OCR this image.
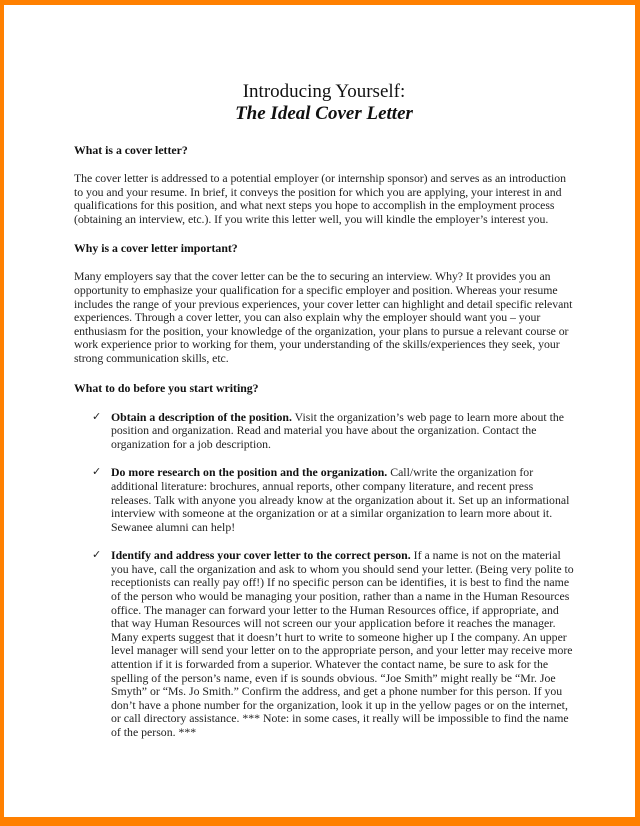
Introducing Yourself:
The Ideal Cover Letter
What is a cover letter?

The cover letter is addressed to a potential employer (or internship sponsor) and serves as an introduction to you and your resume. In brief, it conveys the position for which you are applying, your interest in and qualifications for this position, and what next steps you hope to accomplish in the employment process (obtaining an interview, etc.). If you write this letter well, you will kindle the employer’s interest you.

Why is a cover letter important?

Many employers say that the cover letter can be the to securing an interview. Why? It provides you an opportunity to emphasize your qualification for a specific employer and position. Whereas your resume includes the range of your previous experiences, your cover letter can highlight and detail specific relevant experiences. Through a cover letter, you can also explain why the employer should want you – your enthusiasm for the position, your knowledge of the organization, your plans to pursue a relevant course or work experience prior to working for them, your understanding of the skills/experiences they seek, your strong communication skills, etc.

What to do before you start writing?
✓ Obtain a description of the position. Visit the organization’s web page to learn more about the position and organization. Read and material you have about the organization. Contact the organization for a job description.
✓ Do more research on the position and the organization. Call/write the organization for additional literature: brochures, annual reports, other company literature, and recent press releases. Talk with anyone you already know at the organization about it. Set up an informational interview with someone at the organization or at a similar organization to learn more about it. Sewanee alumni can help!
✓ Identify and address your cover letter to the correct person. If a name is not on the material you have, call the organization and ask to whom you should send your letter. (Being very polite to receptionists can really pay off!) If no specific person can be identifies, it is best to find the name of the person who would be managing your position, rather than a name in the Human Resources office. The manager can forward your letter to the Human Resources office, if appropriate, and that way Human Resources will not screen our your application before it reaches the manager. Many experts suggest that it doesn’t hurt to write to someone higher up I the company. An upper level manager will send your letter on to the appropriate person, and your letter may receive more attention if it is forwarded from a superior. Whatever the contact name, be sure to ask for the spelling of the person’s name, even if is sounds obvious. “Joe Smith” might really be “Mr. Joe Smyth” or “Ms. Jo Smith.” Confirm the address, and get a phone number for this person. If you don’t have a phone number for the organization, look it up in the yellow pages or on the internet, or call directory assistance. *** Note: in some cases, it really will be impossible to find the name of the person. ***
